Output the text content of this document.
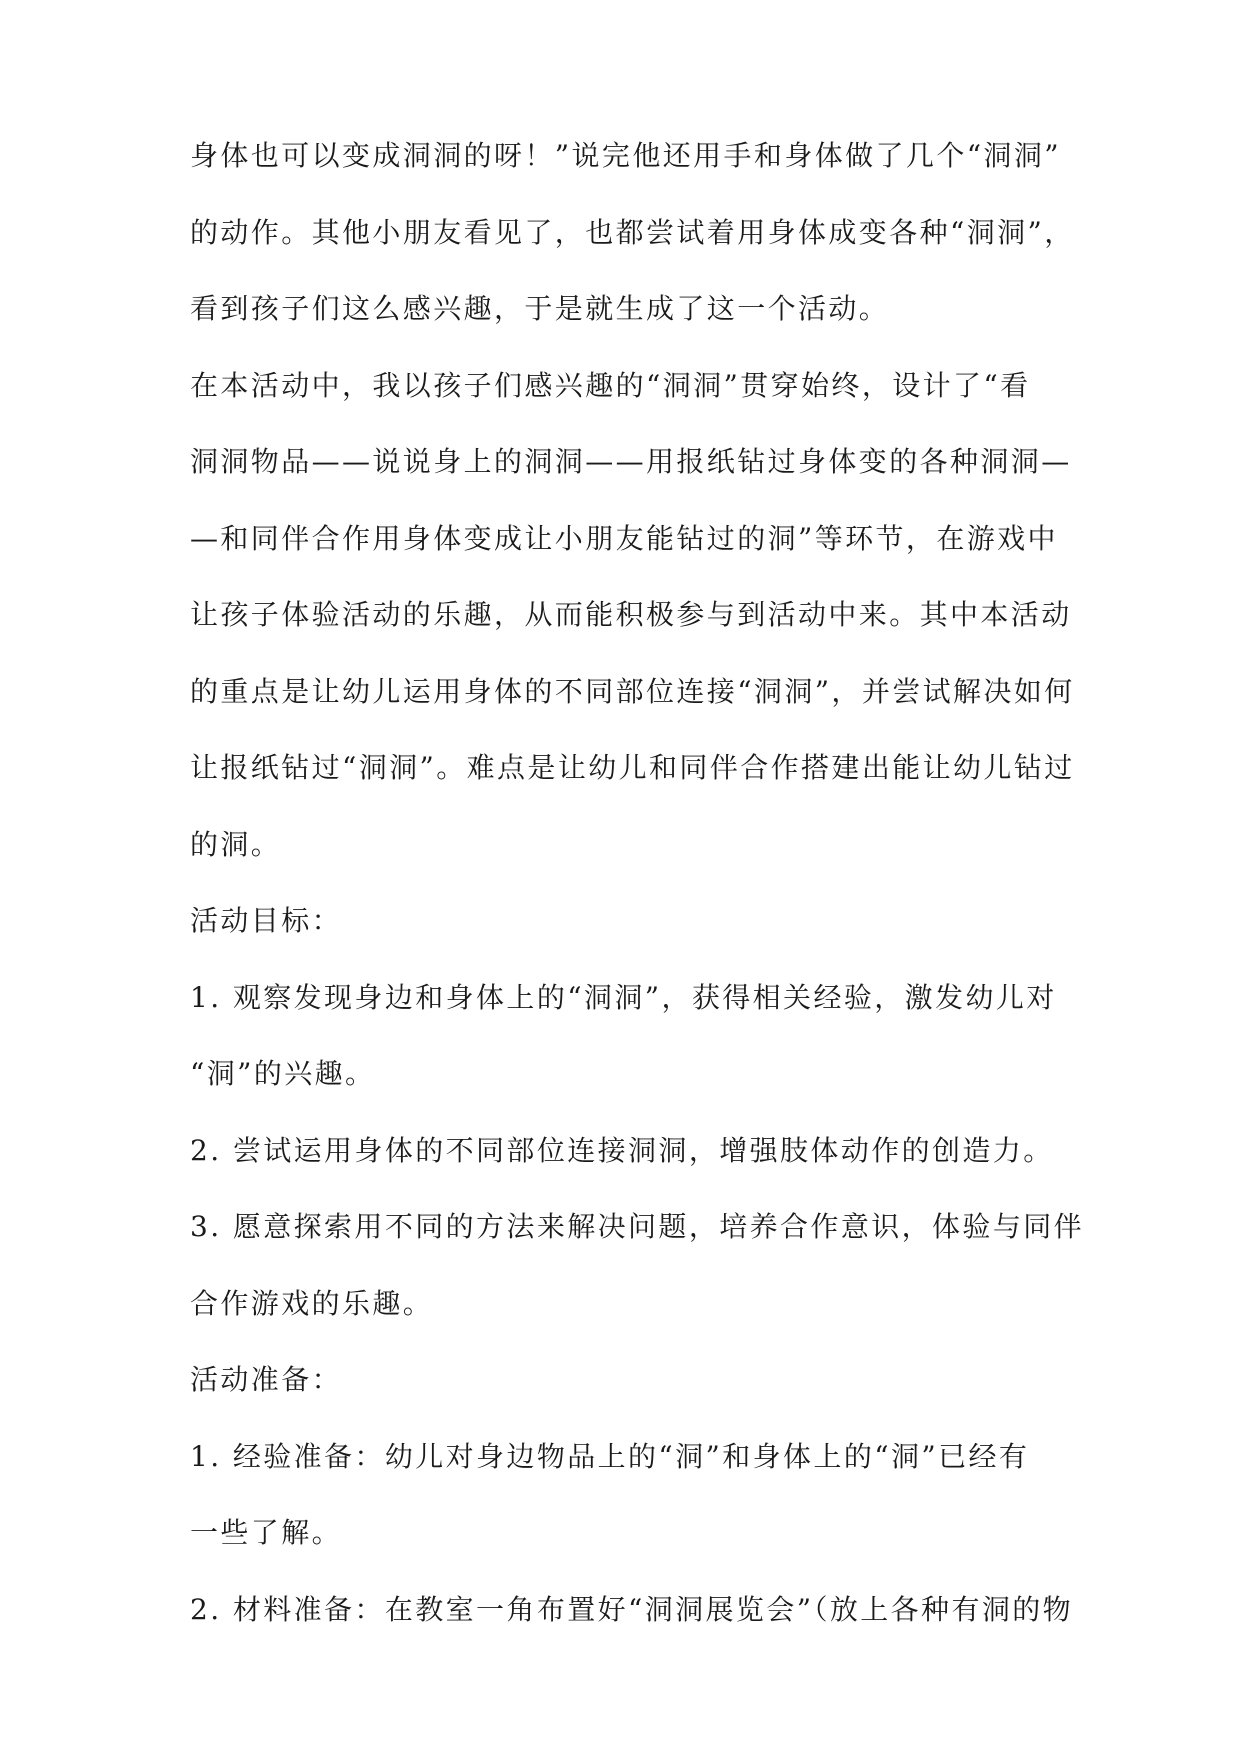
身体也可以变成洞洞的呀！”说完他还用手和身体做了几个“洞洞”
的动作。其他小朋友看见了，也都尝试着用身体成变各种“洞洞”，
看到孩子们这么感兴趣，于是就生成了这一个活动。
在本活动中，我以孩子们感兴趣的“洞洞”贯穿始终，设计了“看
洞洞物品——说说身上的洞洞——用报纸钻过身体变的各种洞洞—
—和同伴合作用身体变成让小朋友能钻过的洞”等环节，在游戏中
让孩子体验活动的乐趣，从而能积极参与到活动中来。其中本活动
的重点是让幼儿运用身体的不同部位连接“洞洞”，并尝试解决如何
让报纸钻过“洞洞”。难点是让幼儿和同伴合作搭建出能让幼儿钻过
的洞。
活动目标：
1. 观察发现身边和身体上的“洞洞”，获得相关经验，激发幼儿对
“洞”的兴趣。
2. 尝试运用身体的不同部位连接洞洞，增强肢体动作的创造力。
3. 愿意探索用不同的方法来解决问题，培养合作意识，体验与同伴
合作游戏的乐趣。
活动准备：
1. 经验准备：幼儿对身边物品上的“洞”和身体上的“洞”已经有
一些了解。
2. 材料准备：在教室一角布置好“洞洞展览会”（放上各种有洞的物
